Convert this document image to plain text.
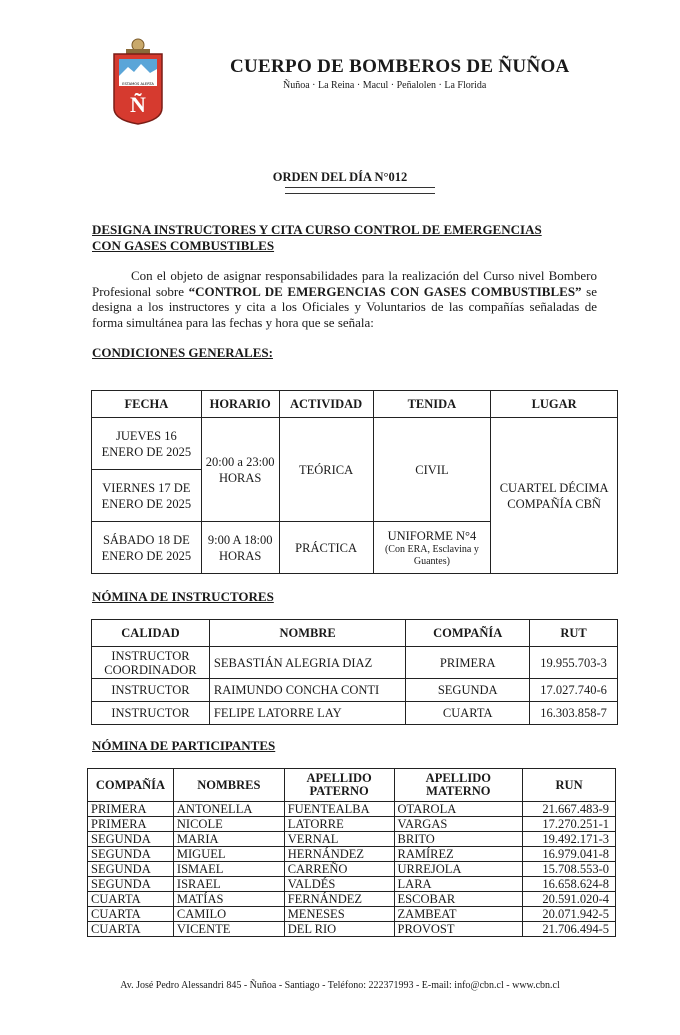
ESTAMOS ALERTA
Ñ
CUERPO DE BOMBEROS DE ÑUÑOA
Ñuñoa · La Reina · Macul · Peñalolen · La Florida
ORDEN DEL DÍA N°012
DESIGNA INSTRUCTORES Y CITA CURSO CONTROL DE EMERGENCIAS
CON GASES COMBUSTIBLES
Con el objeto de asignar responsabilidades para la realización del Curso nivel Bombero Profesional sobre “CONTROL DE EMERGENCIAS CON GASES COMBUSTIBLES” se designa a los instructores y cita a los Oficiales y Voluntarios de las compañías señaladas de forma simultánea para las fechas y hora que se señala:
CONDICIONES GENERALES:
FECHA	HORARIO	ACTIVIDAD	TENIDA	LUGAR
JUEVES 16 ENERO DE 2025	20:00 a 23:00 HORAS	TEÓRICA	CIVIL	CUARTEL DÉCIMA COMPAÑÍA CBÑ
VIERNES 17 DE ENERO DE 2025				
SÁBADO 18 DE ENERO DE 2025	9:00 A 18:00 HORAS	PRÁCTICA	UNIFORME N°4
(Con ERA, Esclavina y Guantes)	
NÓMINA DE INSTRUCTORES
CALIDAD	NOMBRE	COMPAÑÍA	RUT
INSTRUCTOR COORDINADOR	SEBASTIÁN ALEGRIA DIAZ	PRIMERA	19.955.703-3
INSTRUCTOR	RAIMUNDO CONCHA CONTI	SEGUNDA	17.027.740-6
INSTRUCTOR	FELIPE LATORRE LAY	CUARTA	16.303.858-7
NÓMINA DE PARTICIPANTES
COMPAÑÍA	NOMBRES	APELLIDO PATERNO	APELLIDO MATERNO	RUN
PRIMERA	ANTONELLA	FUENTEALBA	OTAROLA	21.667.483-9
PRIMERA	NICOLE	LATORRE	VARGAS	17.270.251-1
SEGUNDA	MARIA	VERNAL	BRITO	19.492.171-3
SEGUNDA	MIGUEL	HERNÁNDEZ	RAMÍREZ	16.979.041-8
SEGUNDA	ISMAEL	CARREÑO	URREJOLA	15.708.553-0
SEGUNDA	ISRAEL	VALDÉS	LARA	16.658.624-8
CUARTA	MATÍAS	FERNÁNDEZ	ESCOBAR	20.591.020-4
CUARTA	CAMILO	MENESES	ZAMBEAT	20.071.942-5
CUARTA	VICENTE	DEL RIO	PROVOST	21.706.494-5
Av. José Pedro Alessandri 845 - Ñuñoa - Santiago - Teléfono: 222371993 - E-mail: info@cbn.cl - www.cbn.cl
